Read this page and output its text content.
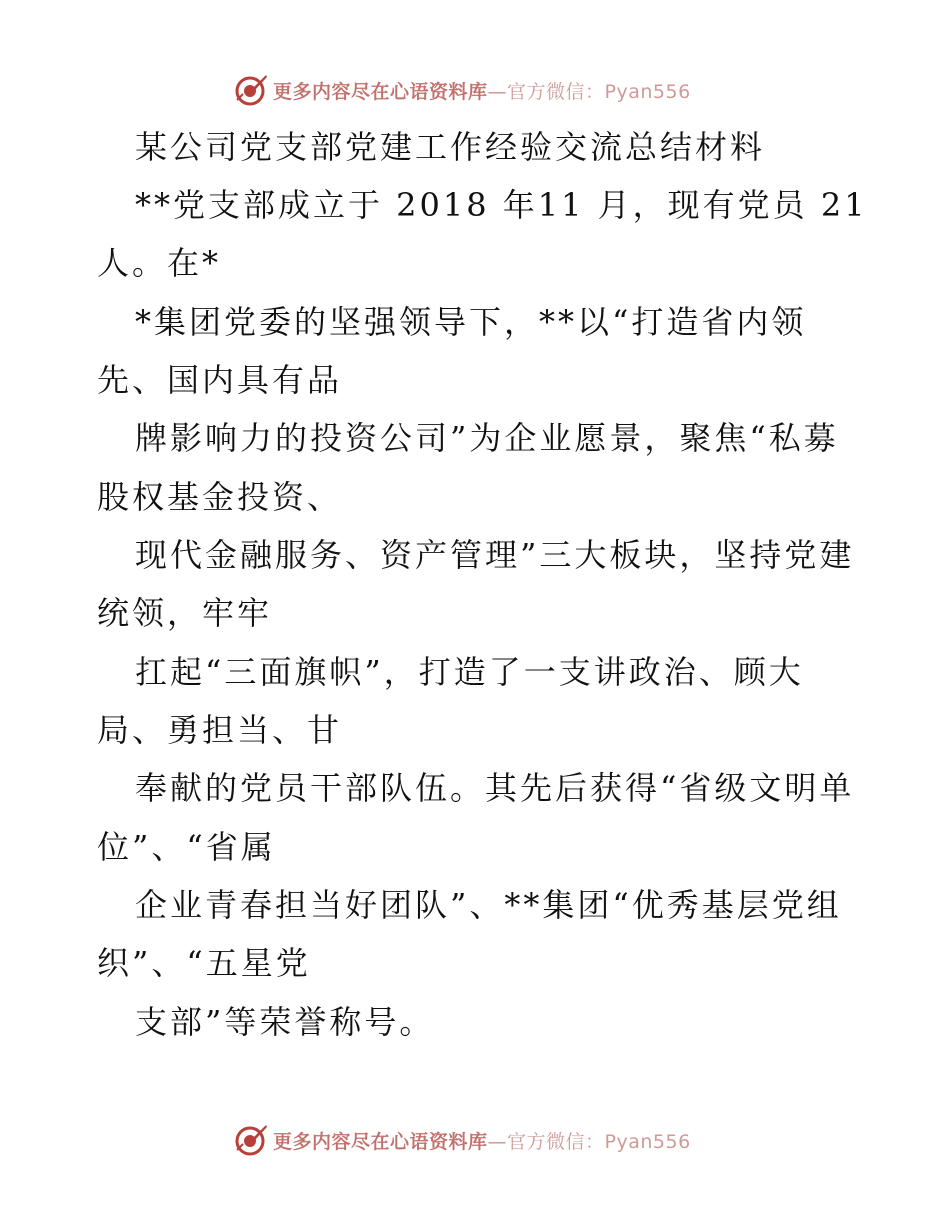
更多内容尽在心语资料库—官方微信：Pyan556
某公司党支部党建工作经验交流总结材料
**党支部成立于 2018 年11 月，现有党员 21
人。在*
*集团党委的坚强领导下，**以“打造省内领
先、国内具有品
牌影响力的投资公司”为企业愿景，聚焦“私募
股权基金投资、
现代金融服务、资产管理”三大板块，坚持党建
统领，牢牢
扛起“三面旗帜”，打造了一支讲政治、顾大
局、勇担当、甘
奉献的党员干部队伍。其先后获得“省级文明单
位”、“省属
企业青春担当好团队”、**集团“优秀基层党组
织”、“五星党
支部”等荣誉称号。
更多内容尽在心语资料库—官方微信：Pyan556
